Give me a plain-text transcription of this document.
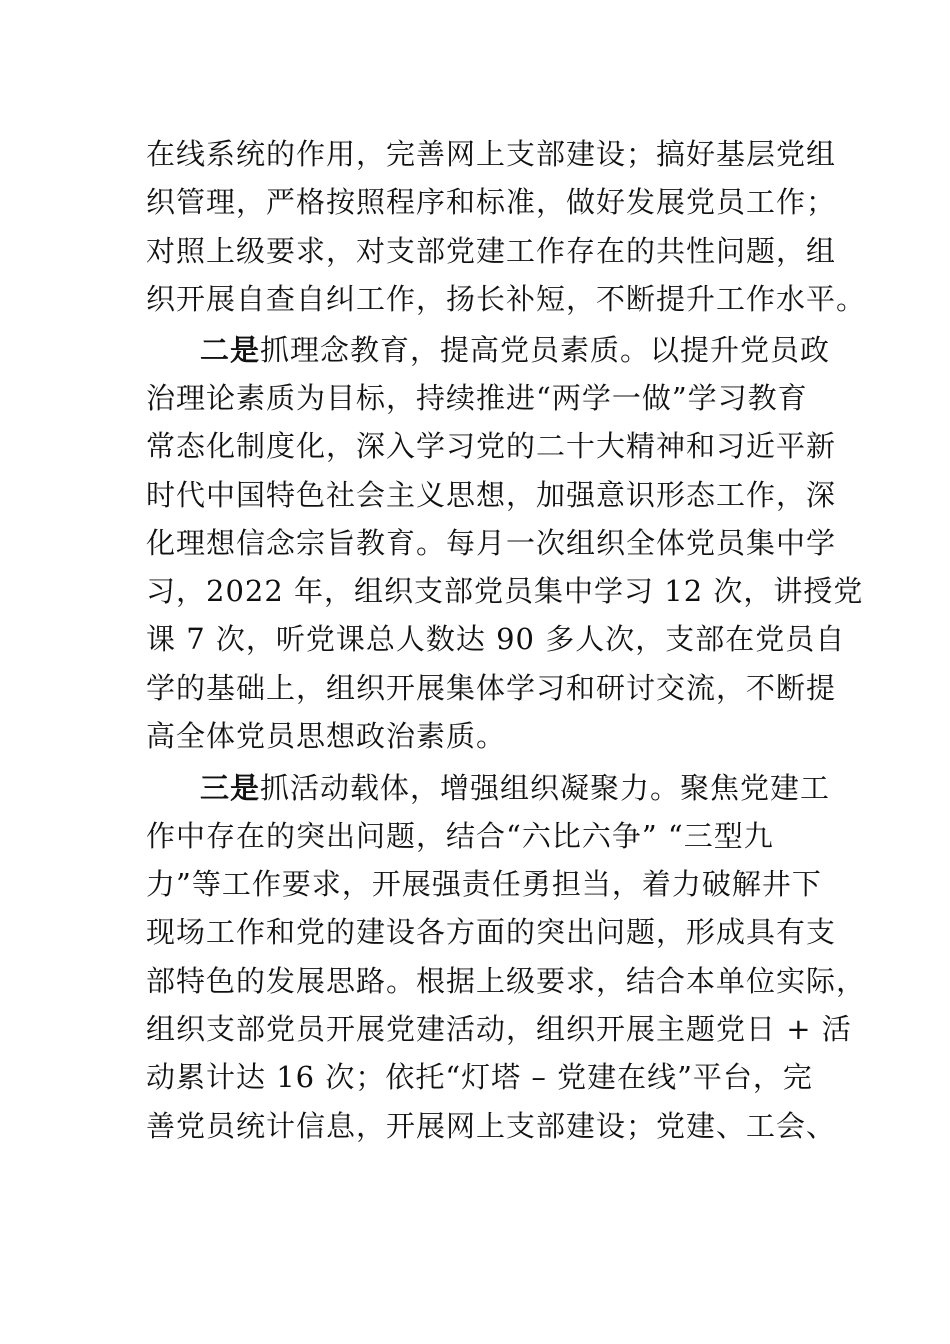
在线系统的作用，完善网上支部建设；搞好基层党组
织管理，严格按照程序和标准，做好发展党员工作；
对照上级要求，对支部党建工作存在的共性问题，组
织开展自查自纠工作，扬长补短，不断提升工作水平。
二是抓理念教育，提高党员素质。以提升党员政
治理论素质为目标，持续推进“两学一做”学习教育
常态化制度化，深入学习党的二十大精神和习近平新
时代中国特色社会主义思想，加强意识形态工作，深
化理想信念宗旨教育。每月一次组织全体党员集中学
习，2022 年，组织支部党员集中学习 12 次，讲授党
课 7 次，听党课总人数达 90 多人次，支部在党员自
学的基础上，组织开展集体学习和研讨交流，不断提
高全体党员思想政治素质。
三是抓活动载体，增强组织凝聚力。聚焦党建工
作中存在的突出问题，结合“六比六争” “三型九
力”等工作要求，开展强责任勇担当，着力破解井下
现场工作和党的建设各方面的突出问题，形成具有支
部特色的发展思路。根据上级要求，结合本单位实际，
组织支部党员开展党建活动，组织开展主题党日 + 活
动累计达 16 次；依托“灯塔 – 党建在线”平台，完
善党员统计信息，开展网上支部建设；党建、工会、
